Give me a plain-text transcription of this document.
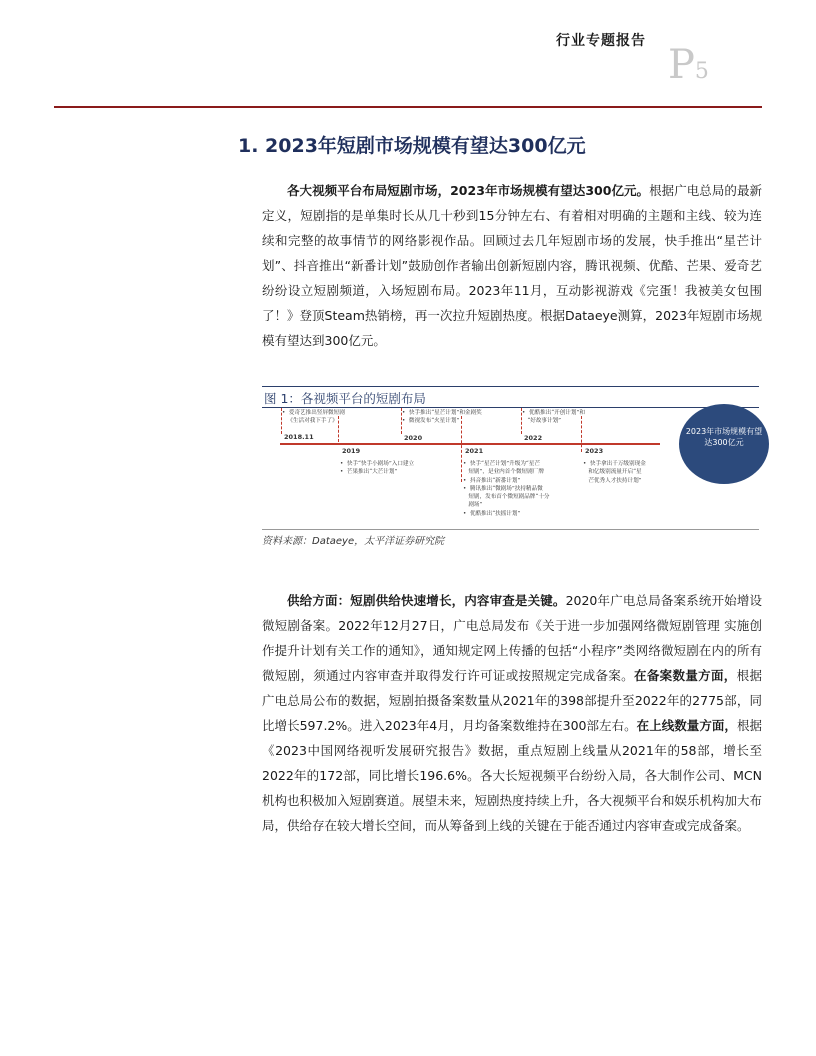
行业专题报告
P5
1. 2023年短剧市场规模有望达300亿元
各大视频平台布局短剧市场，2023年市场规模有望达300亿元。根据广电总局的最新定义，短剧指的是单集时长从几十秒到15分钟左右、有着相对明确的主题和主线、较为连续和完整的故事情节的网络影视作品。回顾过去几年短剧市场的发展，快手推出“星芒计划”、抖音推出“新番计划”鼓励创作者输出创新短剧内容，腾讯视频、优酷、芒果、爱奇艺纷纷设立短剧频道，入场短剧布局。2023年11月，互动影视游戏《完蛋！我被美女包围了！》登顶Steam热销榜，再一次拉升短剧热度。根据Dataeye测算，2023年短剧市场规模有望达到300亿元。
图 1：各视频平台的短剧布局
2018.11
2019
2020
2021
2022
2023
•  爱奇艺推出竖屏微短剧
《生活对我下手了》
•  快手推出“星芒计划”和金剧奖
•  微视发布“火星计划”
•  优酷推出“开创计划”和
“好故事计划”
•  快手“快手小剧场”入口建立
•  芒果推出“大芒计划”
•  快手“星芒计划”升级为“星芒
短剧”，是业内首个微短剧厂牌
•  抖音推出“新番计划”
•  腾讯推出“微剧场”扶持精品微
短剧，发布首个微短剧品牌“十分
剧场”
•  优酷推出“扶摇计划”
•  快手拿出千万级别现金
和亿级别流量开启“星
芒优秀人才扶持计划”
2023年市场规模有望达300亿元
资料来源：Dataeye，太平洋证券研究院
供给方面：短剧供给快速增长，内容审查是关键。2020年广电总局备案系统开始增设微短剧备案。2022年12月27日，广电总局发布《关于进一步加强网络微短剧管理 实施创作提升计划有关工作的通知》，通知规定网上传播的包括“小程序”类网络微短剧在内的所有微短剧，须通过内容审查并取得发行许可证或按照规定完成备案。在备案数量方面，根据广电总局公布的数据，短剧拍摄备案数量从2021年的398部提升至2022年的2775部，同比增长597.2%。进入2023年4月，月均备案数维持在300部左右。在上线数量方面，根据《2023中国网络视听发展研究报告》数据，重点短剧上线量从2021年的58部，增长至2022年的172部，同比增长196.6%。各大长短视频平台纷纷入局，各大制作公司、MCN机构也积极加入短剧赛道。展望未来，短剧热度持续上升，各大视频平台和娱乐机构加大布局，供给存在较大增长空间，而从筹备到上线的关键在于能否通过内容审查或完成备案。
